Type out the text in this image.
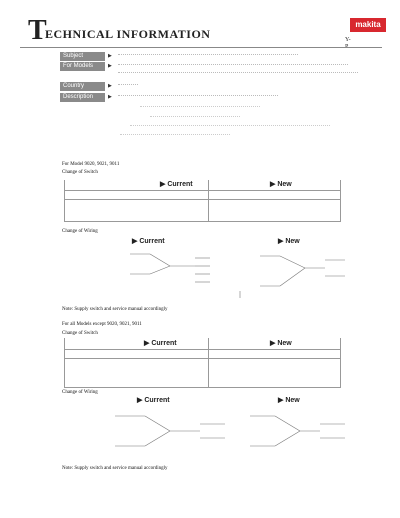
T
ECHNICAL INFORMATION
makita
Y-
Subject	▶
For Models	▶
Country	▶
Description	▶
For Model 9020, 9021, 9011
Change of Switch
▶ Current	▶ New
Change of Wiring
▶ Current	▶ New
Note: Supply switch and service manual accordingly
For all Models except 9020, 9021, 9011
Change of Switch
▶ Current	▶ New
Change of Wiring
▶ Current	▶ New
Note: Supply switch and service manual accordingly
